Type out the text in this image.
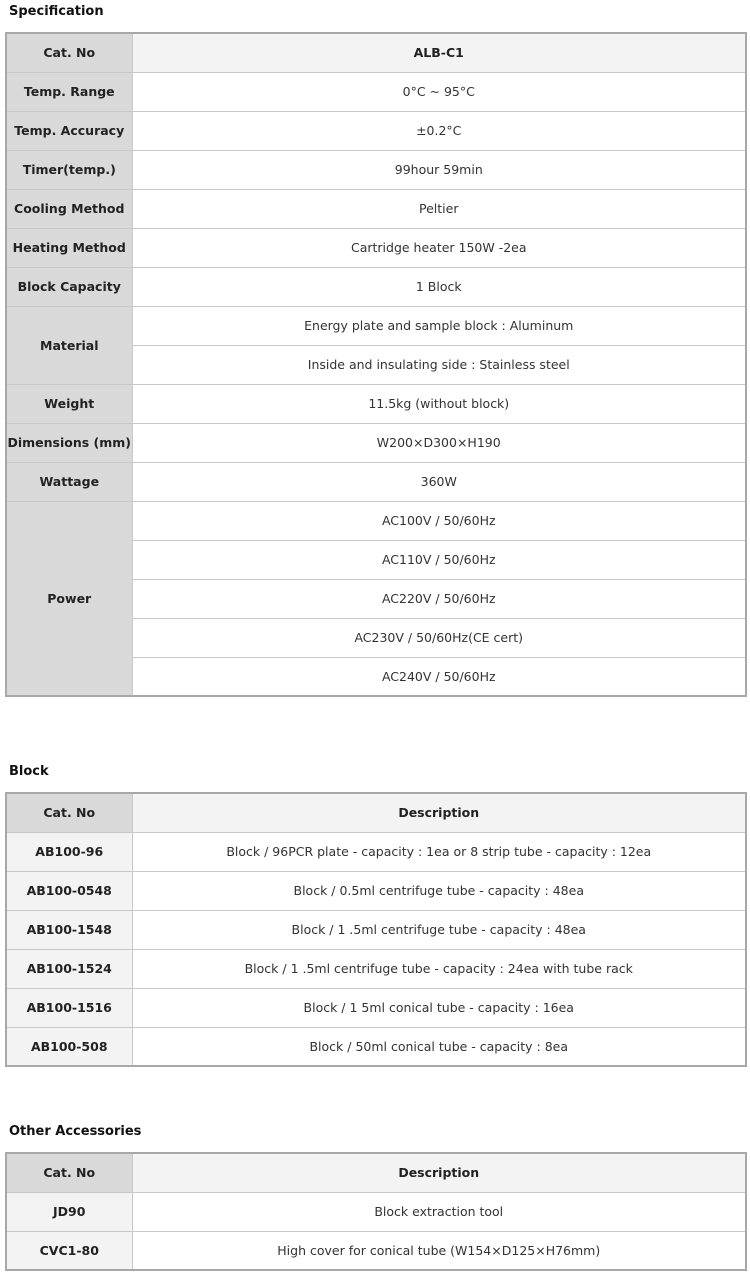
Specification
Cat. No	ALB-C1
Temp. Range	0°C ~ 95°C
Temp. Accuracy	±0.2°C
Timer(temp.)	99hour 59min
Cooling Method	Peltier
Heating Method	Cartridge heater 150W -2ea
Block Capacity	1 Block
Material	Energy plate and sample block : Aluminum
	Inside and insulating side : Stainless steel
Weight	11.5kg (without block)
Dimensions (mm)	W200×D300×H190
Wattage	360W
Power	AC100V / 50/60Hz
	AC110V / 50/60Hz
	AC220V / 50/60Hz
	AC230V / 50/60Hz(CE cert)
	AC240V / 50/60Hz
Block
Cat. No	Description
AB100-96	Block / 96PCR plate - capacity : 1ea or 8 strip tube - capacity : 12ea
AB100-0548	Block / 0.5ml centrifuge tube - capacity : 48ea
AB100-1548	Block / 1 .5ml centrifuge tube - capacity : 48ea
AB100-1524	Block / 1 .5ml centrifuge tube - capacity : 24ea with tube rack
AB100-1516	Block / 1 5ml conical tube - capacity : 16ea
AB100-508	Block / 50ml conical tube - capacity : 8ea
Other Accessories
Cat. No	Description
JD90	Block extraction tool
CVC1-80	High cover for conical tube (W154×D125×H76mm)
